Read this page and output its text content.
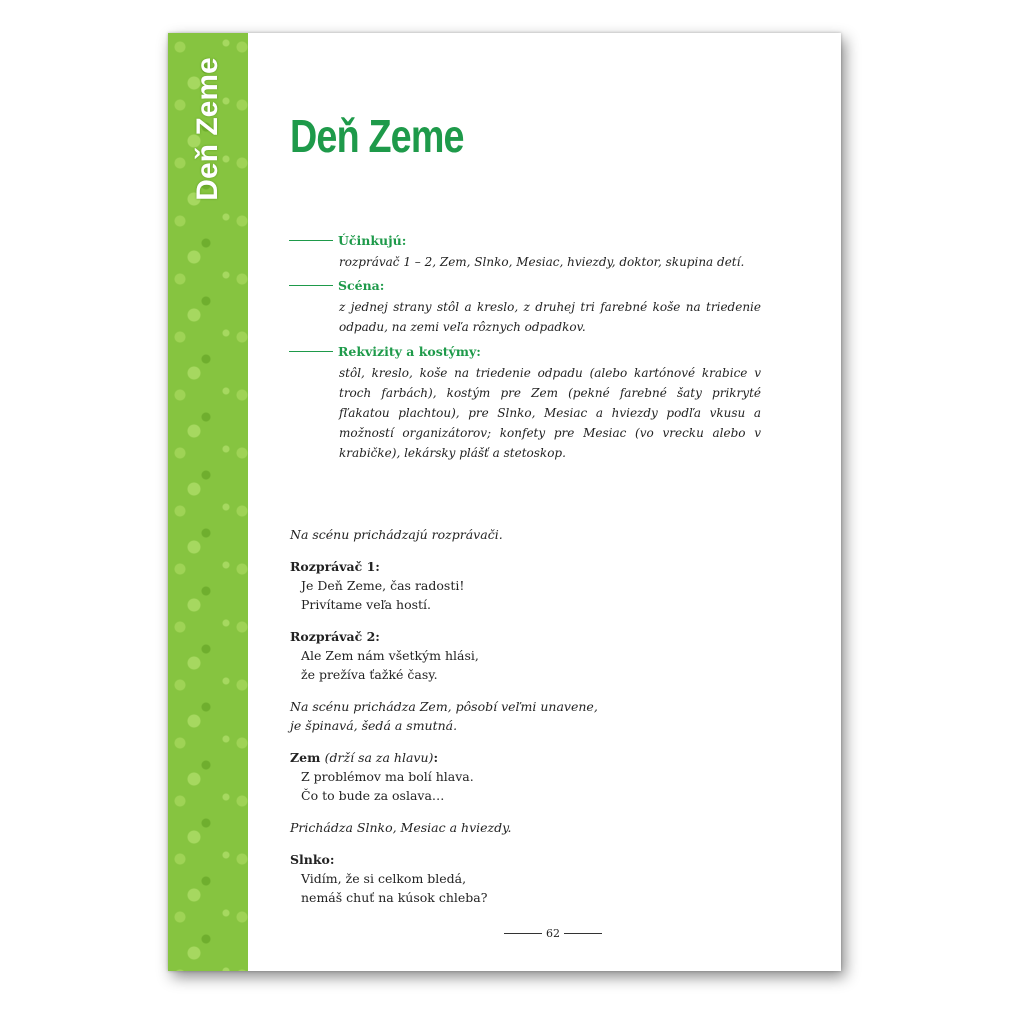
Deň Zeme Deň Zeme
Účinkujú:
rozprávač 1 – 2, Zem, Slnko, Mesiac, hviezdy, doktor, skupina detí.
Scéna:
z jednej strany stôl a kreslo, z druhej tri farebné koše na triedenie odpadu, na zemi veľa rôznych odpadkov.
Rekvizity a kostýmy:
stôl, kreslo, koše na triedenie odpadu (alebo kartónové krabice v troch farbách), kostým pre Zem (pekné farebné šaty prikryté fľakatou plachtou), pre Slnko, Mesiac a hviezdy podľa vkusu a možností organizátorov; konfety pre Mesiac (vo vrecku alebo v krabičke), lekársky plášť a stetoskop.
Na scénu prichádzajú rozprávači.
Rozprávač 1:
Je Deň Zeme, čas radosti!
Privítame veľa hostí.
Rozprávač 2:
Ale Zem nám všetkým hlási,
že prežíva ťažké časy.
Na scénu prichádza Zem, pôsobí veľmi unavene,
je špinavá, šedá a smutná.
Zem (drží sa za hlavu):
Z problémov ma bolí hlava.
Čo to bude za oslava…
Prichádza Slnko, Mesiac a hviezdy.
Slnko:
Vidím, že si celkom bledá,
nemáš chuť na kúsok chleba?
62
